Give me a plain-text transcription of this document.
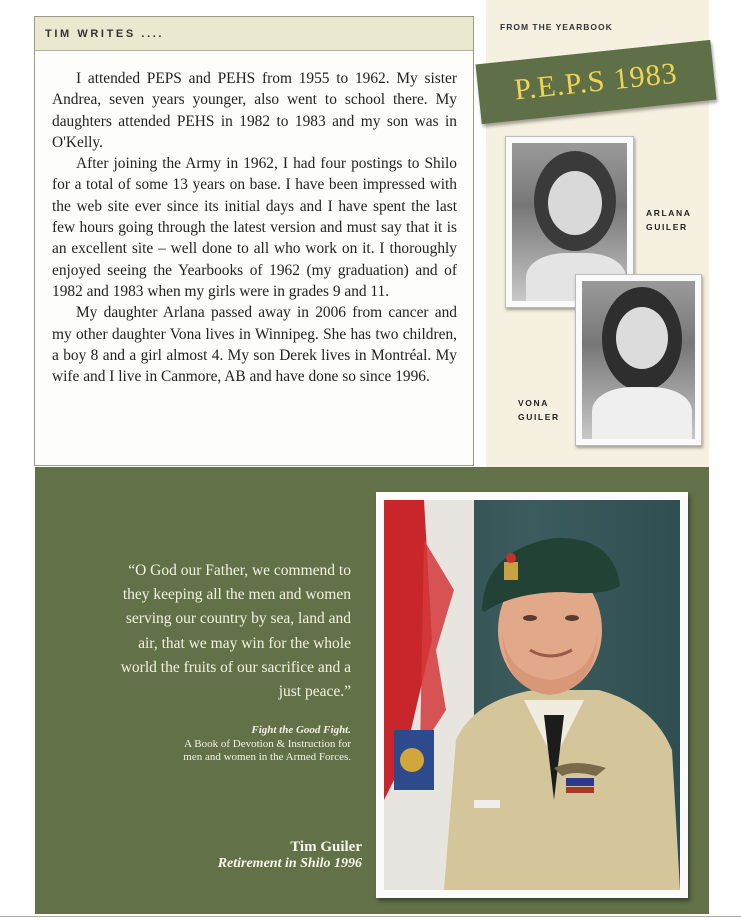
TIM WRITES ....

I attended PEPS and PEHS from 1955 to 1962. My sister Andrea, seven years younger, also went to school there. My daughters attended PEHS in 1982 to 1983 and my son was in O'Kelly.

After joining the Army in 1962, I had four postings to Shilo for a total of some 13 years on base. I have been impressed with the web site ever since its initial days and I have spent the last few hours going through the latest version and must say that it is an excellent site – well done to all who work on it. I thoroughly enjoyed seeing the Yearbooks of 1962 (my graduation) and of 1982 and 1983 when my girls were in grades 9 and 11.

My daughter Arlana passed away in 2006 from cancer and my other daughter Vona lives in Winnipeg. She has two children, a boy 8 and a girl almost 4. My son Derek lives in Montréal. My wife and I live in Canmore, AB and have done so since 1996.

FROM THE YEARBOOK
P.E.P.S 1983
ARLANA
GUILER
VONA
GUILER
“O God our Father, we commend to they keeping all the men and women serving our country by sea, land and air, that we may win for the whole world the fruits of our sacrifice and a just peace.”
Fight the Good Fight.
A Book of Devotion & Instruction for
men and women in the Armed Forces.
Tim Guiler
Retirement in Shilo 1996
